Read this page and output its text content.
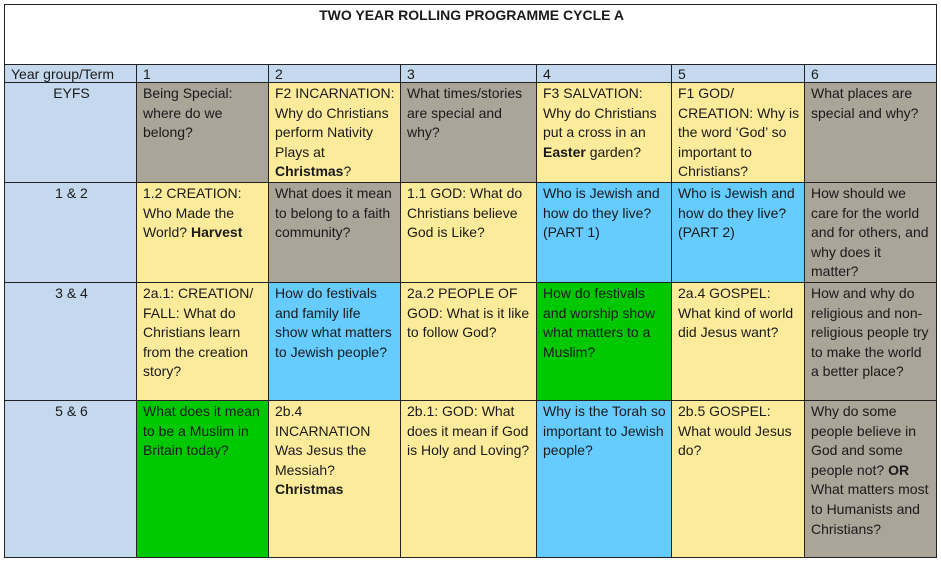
TWO YEAR ROLLING PROGRAMME CYCLE A						
Year group/Term	1	2	3	4	5	6
EYFS	Being Special: where do we belong?	F2 INCARNATION: Why do Christians perform Nativity Plays at Christmas?	What times/stories are special and why?	F3 SALVATION: Why do Christians put a cross in an Easter garden?	F1 GOD/ CREATION: Why is the word ‘God’ so important to Christians?	What places are special and why?
1 & 2	1.2 CREATION: Who Made the World? Harvest	What does it mean to belong to a faith community?	1.1 GOD: What do Christians believe God is Like?	Who is Jewish and how do they live? (PART 1)	Who is Jewish and how do they live? (PART 2)	How should we care for the world and for others, and why does it matter?
3 & 4	2a.1: CREATION/ FALL: What do Christians learn from the creation story?	How do festivals and family life show what matters to Jewish people?	2a.2 PEOPLE OF GOD: What is it like to follow God?	How do festivals and worship show what matters to a Muslim?	2a.4 GOSPEL: What kind of world did Jesus want?	How and why do religious and non-religious people try to make the world a better place?
5 & 6	What does it mean to be a Muslim in Britain today?	2b.4 INCARNATION Was Jesus the Messiah? Christmas	2b.1: GOD: What does it mean if God is Holy and Loving?	Why is the Torah so important to Jewish people?	2b.5 GOSPEL: What would Jesus do?	Why do some people believe in God and some people not? OR What matters most to Humanists and Christians?
